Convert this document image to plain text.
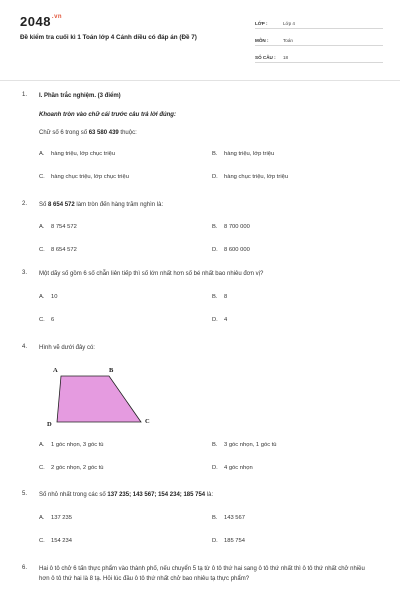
$2048^{.vn}$
Đề kiểm tra cuối kì 1 Toán lớp 4 Cánh diều có đáp án (Đề 7)
LỚP :	Lớp 4
MÔN :	Toán
SỐ CÂU :	18
1.	I. Phần trắc nghiệm. (3 điểm)
Khoanh tròn vào chữ cái trước câu trả lời đúng:
Chữ số 6 trong số 63 580 439 thuộc:
A. hàng triệu, lớp chục triệu	B. hàng triệu, lớp triệu
C. hàng chục triệu, lớp chục triệu	D. hàng chục triệu, lớp triệu
2.	Số 8 654 572 làm tròn đến hàng trăm nghìn là:
A. 8 754 572	B. 8 700 000
C. 8 654 572	D. 8 600 000
3.	Một dãy số gồm 6 số chẵn liên tiếp thì số lớn nhất hơn số bé nhất bao nhiêu đơn vị?
A. 10	B. 8
C. 6	D. 4
4.	Hình vẽ dưới đây có:
A	B
C
D
A. 1 góc nhọn, 3 góc tù	B. 3 góc nhọn, 1 góc tù
C. 2 góc nhọn, 2 góc tù	D. 4 góc nhọn
5.	Số nhỏ nhất trong các số 137 235; 143 567; 154 234; 185 754 là:
A. 137 235	B. 143 567
C. 154 234	D. 185 754
6.	Hai ô tô chở 6 tấn thực phẩm vào thành phố, nếu chuyển 5 tạ từ ô tô thứ hai sang ô tô thứ nhất thì ô tô thứ nhất chở nhiều hơn ô tô thứ hai là 8 tạ. Hỏi lúc đầu ô tô thứ nhất chở bao nhiêu tạ thực phẩm?
